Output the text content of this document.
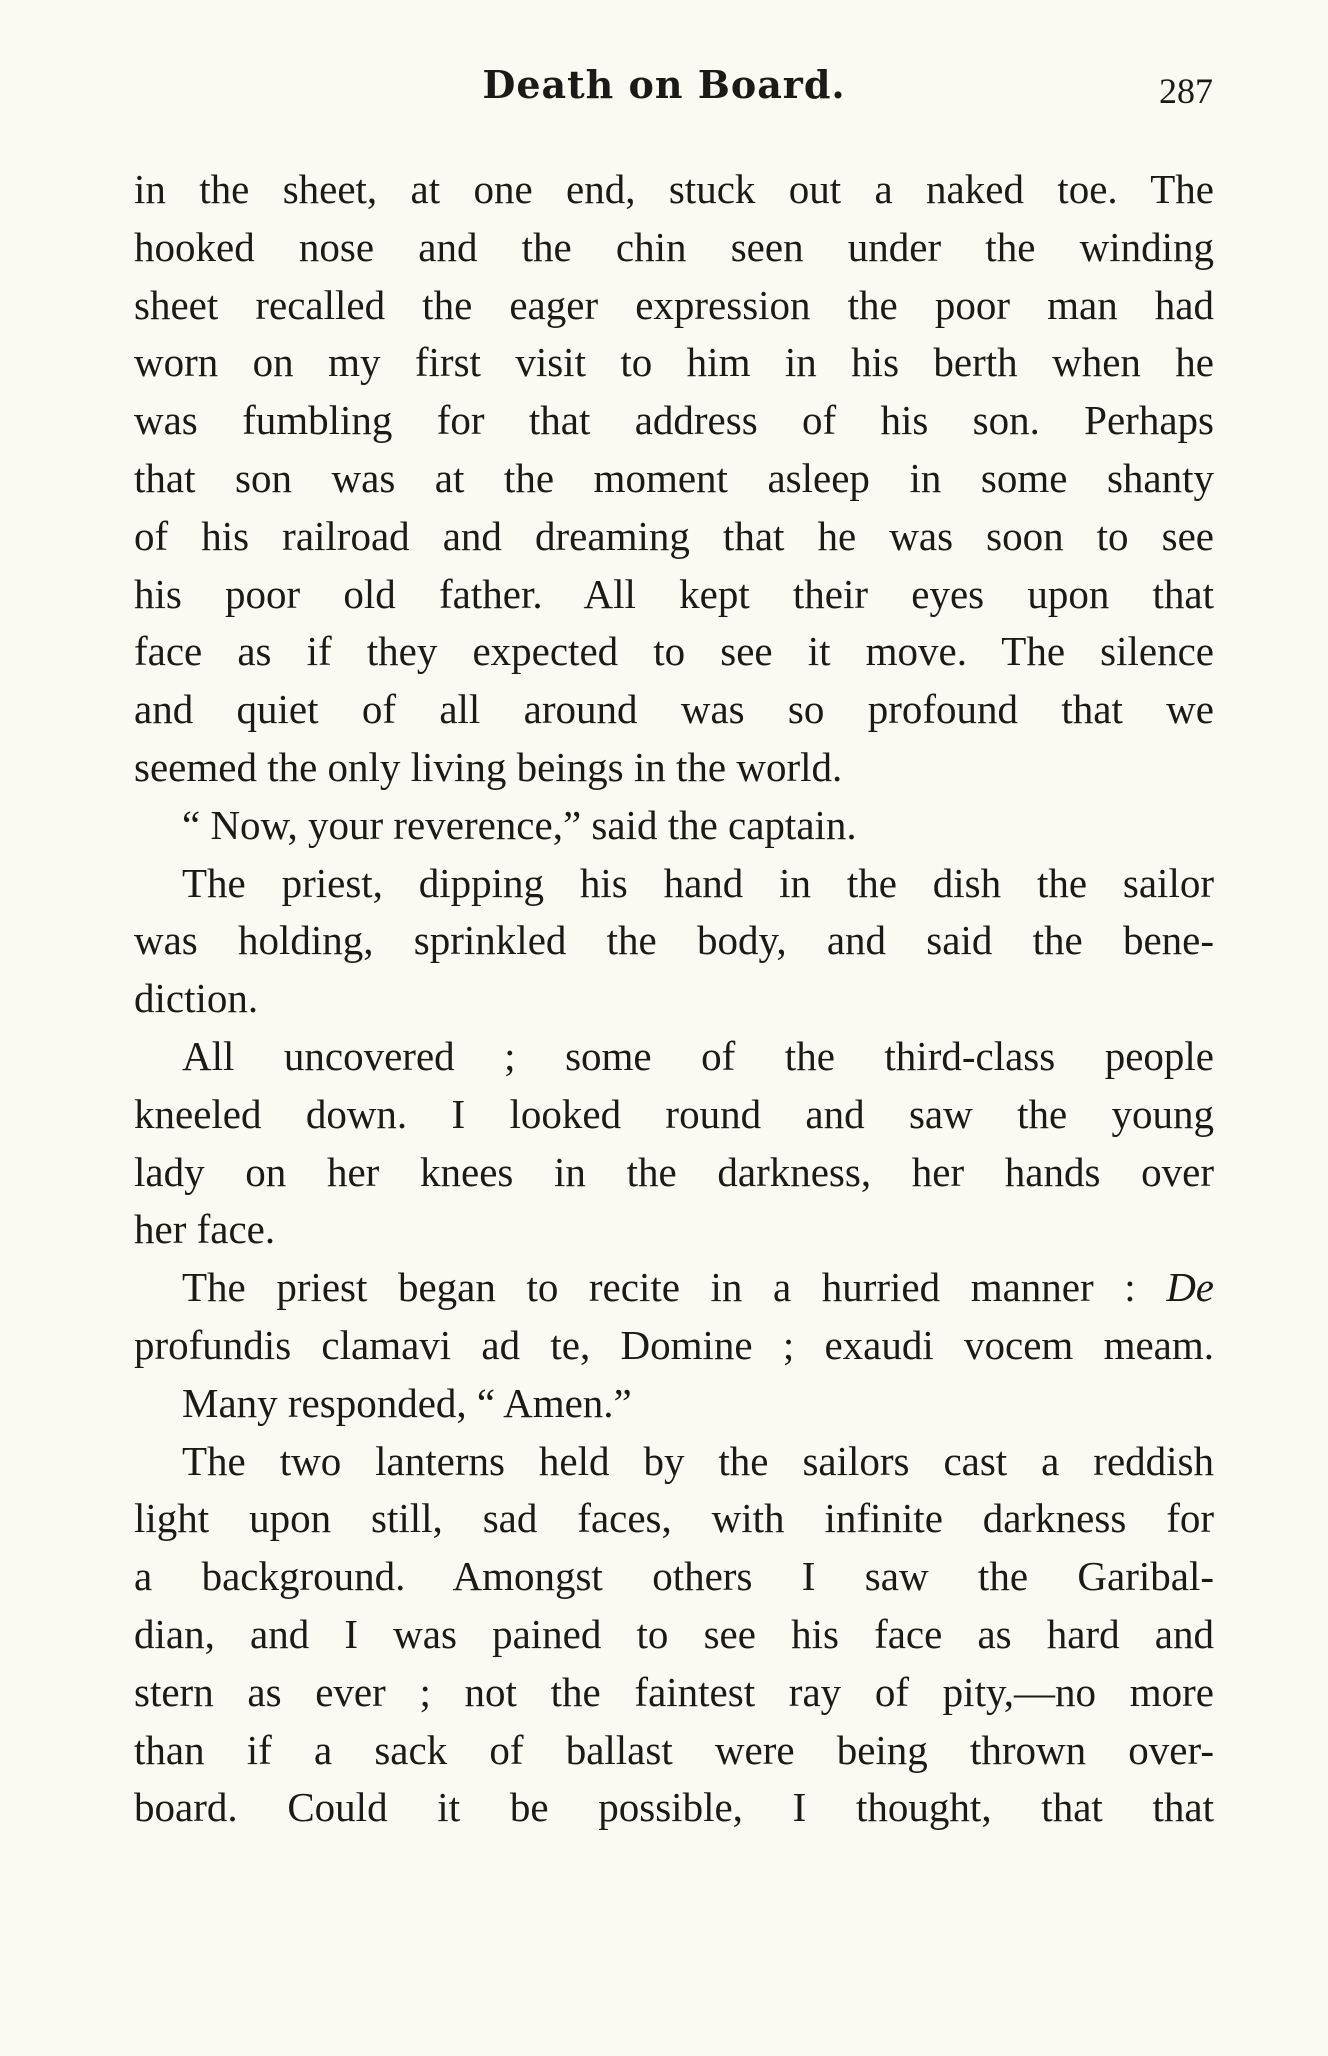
Death on Board.	287
in the sheet, at one end, stuck out a naked toe. The
hooked nose and the chin seen under the winding
sheet recalled the eager expression the poor man had
worn on my first visit to him in his berth when he
was fumbling for that address of his son. Perhaps
that son was at the moment asleep in some shanty
of his railroad and dreaming that he was soon to see
his poor old father. All kept their eyes upon that
face as if they expected to see it move. The silence
and quiet of all around was so profound that we
seemed the only living beings in the world.
“ Now, your reverence,” said the captain.
The priest, dipping his hand in the dish the sailor
was holding, sprinkled the body, and said the bene-
diction.
All uncovered ; some of the third-class people
kneeled down. I looked round and saw the young
lady on her knees in the darkness, her hands over
her face.
The priest began to recite in a hurried manner : De
profundis clamavi ad te, Domine ; exaudi vocem meam.
Many responded, “ Amen.”
The two lanterns held by the sailors cast a reddish
light upon still, sad faces, with infinite darkness for
a background. Amongst others I saw the Garibal-
dian, and I was pained to see his face as hard and
stern as ever ; not the faintest ray of pity,—no more
than if a sack of ballast were being thrown over-
board. Could it be possible, I thought, that that
